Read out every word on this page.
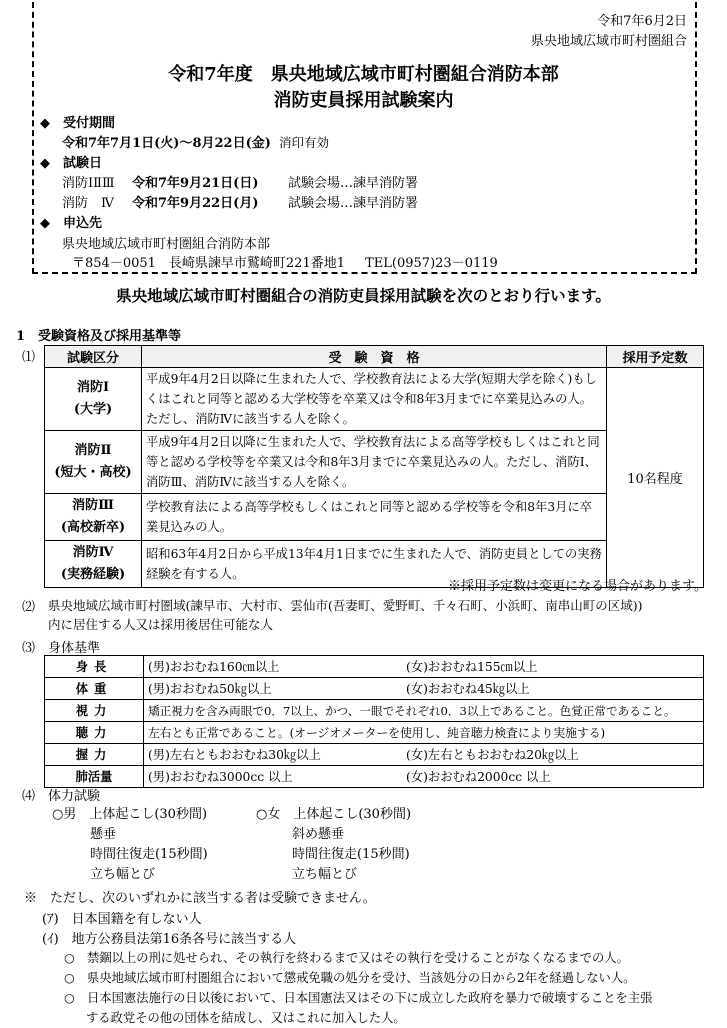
令和7年6月2日
県央地域広域市町村圏組合
令和7年度　県央地域広域市町村圏組合消防本部
消防吏員採用試験案内
◆　受付期間
令和7年7月1日(火)～8月22日(金) 消印有効
◆　試験日
消防ⅠⅡⅢ 令和7年9月21日(日) 試験会場…諫早消防署
消防　Ⅳ 令和7年9月22日(月) 試験会場…諫早消防署
◆　申込先
県央地域広域市町村圏組合消防本部
〒854－0051　長崎県諫早市鷲崎町221番地1 TEL(0957)23－0119
県央地域広域市町村圏組合の消防吏員採用試験を次のとおり行います。
1　受験資格及び採用基準等
⑴ 試験区分	受　験　資　格	採用予定数
消防Ⅰ
(大学)	平成9年4月2日以降に生まれた人で、学校教育法による大学(短期大学を除く)もしくはこれと同等と認める大学校等を卒業又は令和8年3月までに卒業見込みの人。ただし、消防Ⅳに該当する人を除く。	10名程度
消防Ⅱ
(短大・高校)	平成9年4月2日以降に生まれた人で、学校教育法による高等学校もしくはこれと同等と認める学校等を卒業又は令和8年3月までに卒業見込みの人。ただし、消防Ⅰ、消防Ⅲ、消防Ⅳに該当する人を除く。	
消防Ⅲ
(高校新卒)	学校教育法による高等学校もしくはこれと同等と認める学校等を令和8年3月に卒業見込みの人。	
消防Ⅳ
(実務経験)	昭和63年4月2日から平成13年4月1日までに生まれた人で、消防吏員としての実務経験を有する人。	
※採用予定数は変更になる場合があります。
⑵ 県央地域広域市町村圏域(諫早市、大村市、雲仙市(吾妻町、愛野町、千々石町、小浜町、南串山町の区域))
内に居住する人又は採用後居住可能な人
⑶ 身体基準
身長	(男)おおむね160㎝以上	(女)おおむね155㎝以上
体重	(男)おおむね50㎏以上	(女)おおむね45㎏以上
視力	矯正視力を含み両眼で0．7以上、かつ、一眼でそれぞれ0．3以上であること。色覚正常であること。	
聴力	左右とも正常であること。(オージオメーターを使用し、純音聴力検査により実施する)	
握力	(男)左右ともおおむね30㎏以上	(女)左右ともおおむね20㎏以上
肺活量	(男)おおむね3000cc 以上	(女)おおむね2000cc 以上
⑷ 体力試験
○男　上体起こし(30秒間)
懸垂
時間往復走(15秒間)
立ち幅とび
○女　上体起こし(30秒間)
斜め懸垂
時間往復走(15秒間)
立ち幅とび
※　ただし、次のいずれかに該当する者は受験できません。
(ｱ)　日本国籍を有しない人
(ｲ)　地方公務員法第16条各号に該当する人
○　禁錮以上の刑に処せられ、その執行を終わるまで又はその執行を受けることがなくなるまでの人。
○　県央地域広域市町村圏組合において懲戒免職の処分を受け、当該処分の日から2年を経過しない人。
○　日本国憲法施行の日以後において、日本国憲法又はその下に成立した政府を暴力で破壊することを主張
する政党その他の団体を結成し、又はこれに加入した人。
